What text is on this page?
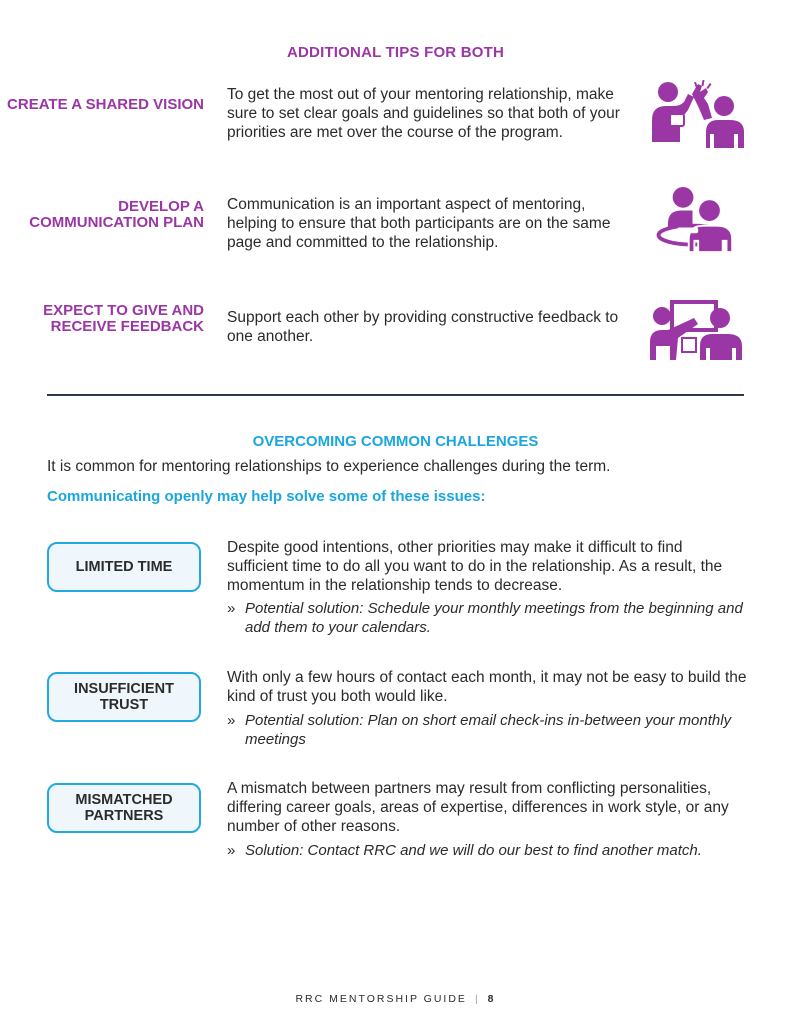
ADDITIONAL TIPS FOR BOTH
CREATE A SHARED VISION
To get the most out of your mentoring relationship, make sure to set clear goals and guidelines so that both of your priorities are met over the course of the program.
DEVELOP A COMMUNICATION PLAN
Communication is an important aspect of mentoring, helping to ensure that both participants are on the same page and committed to the relationship.
EXPECT TO GIVE AND RECEIVE FEEDBACK
Support each other by providing constructive feedback to one another.
OVERCOMING COMMON CHALLENGES
It is common for mentoring relationships to experience challenges during the term.
Communicating openly may help solve some of these issues:
LIMITED TIME
Despite good intentions, other priorities may make it difficult to find sufficient time to do all you want to do in the relationship. As a result, the momentum in the relationship tends to decrease.
» Potential solution: Schedule your monthly meetings from the beginning and add them to your calendars.
INSUFFICIENT TRUST
With only a few hours of contact each month, it may not be easy to build the kind of trust you both would like.
» Potential solution: Plan on short email check-ins in-between your monthly meetings
MISMATCHED PARTNERS
A mismatch between partners may result from conflicting personalities, differing career goals, areas of expertise, differences in work style, or any number of other reasons.
» Solution: Contact RRC and we will do our best to find another match.
RRC MENTORSHIP GUIDE | 8
